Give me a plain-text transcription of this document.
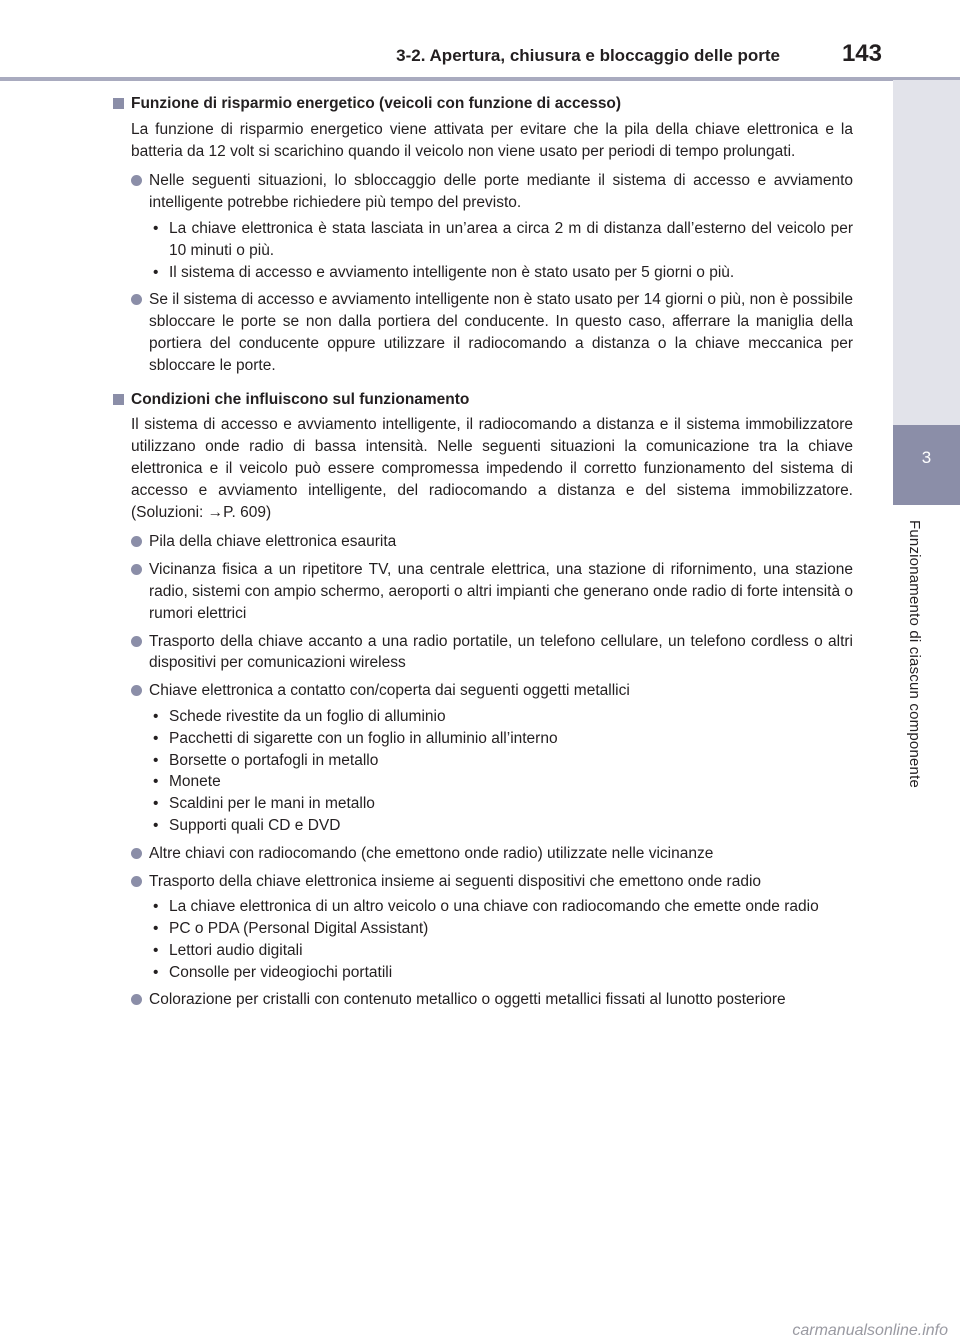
3-2. Apertura, chiusura e bloccaggio delle porte	143
3
Funzionamento di ciascun componente
Funzione di risparmio energetico (veicoli con funzione di accesso)

La funzione di risparmio energetico viene attivata per evitare che la pila della chiave elettronica e la batteria da 12 volt si scarichino quando il veicolo non viene usato per periodi di tempo prolungati.

Nelle seguenti situazioni, lo sbloccaggio delle porte mediante il sistema di accesso e avviamento intelligente potrebbe richiedere più tempo del previsto.
• La chiave elettronica è stata lasciata in un’area a circa 2 m di distanza dall’esterno del veicolo per 10 minuti o più.
• Il sistema di accesso e avviamento intelligente non è stato usato per 5 giorni o più.
Se il sistema di accesso e avviamento intelligente non è stato usato per 14 giorni o più, non è possibile sbloccare le porte se non dalla portiera del conducente. In questo caso, afferrare la maniglia della portiera del conducente oppure utilizzare il radiocomando a distanza o la chiave meccanica per sbloccare le porte.
Condizioni che influiscono sul funzionamento

Il sistema di accesso e avviamento intelligente, il radiocomando a distanza e il sistema immobilizzatore utilizzano onde radio di bassa intensità. Nelle seguenti situazioni la comunicazione tra la chiave elettronica e il veicolo può essere compromessa impedendo il corretto funzionamento del sistema di accesso e avviamento intelligente, del radiocomando a distanza e del sistema immobilizzatore. (Soluzioni: →P. 609)

Pila della chiave elettronica esaurita
Vicinanza fisica a un ripetitore TV, una centrale elettrica, una stazione di rifornimento, una stazione radio, sistemi con ampio schermo, aeroporti o altri impianti che generano onde radio di forte intensità o rumori elettrici
Trasporto della chiave accanto a una radio portatile, un telefono cellulare, un telefono cordless o altri dispositivi per comunicazioni wireless
Chiave elettronica a contatto con/coperta dai seguenti oggetti metallici
• Schede rivestite da un foglio di alluminio
• Pacchetti di sigarette con un foglio in alluminio all’interno
• Borsette o portafogli in metallo
• Monete
• Scaldini per le mani in metallo
• Supporti quali CD e DVD
Altre chiavi con radiocomando (che emettono onde radio) utilizzate nelle vicinanze
Trasporto della chiave elettronica insieme ai seguenti dispositivi che emettono onde radio
• La chiave elettronica di un altro veicolo o una chiave con radiocomando che emette onde radio
• PC o PDA (Personal Digital Assistant)
• Lettori audio digitali
• Consolle per videogiochi portatili
Colorazione per cristalli con contenuto metallico o oggetti metallici fissati al lunotto posteriore
carmanualsonline.info
